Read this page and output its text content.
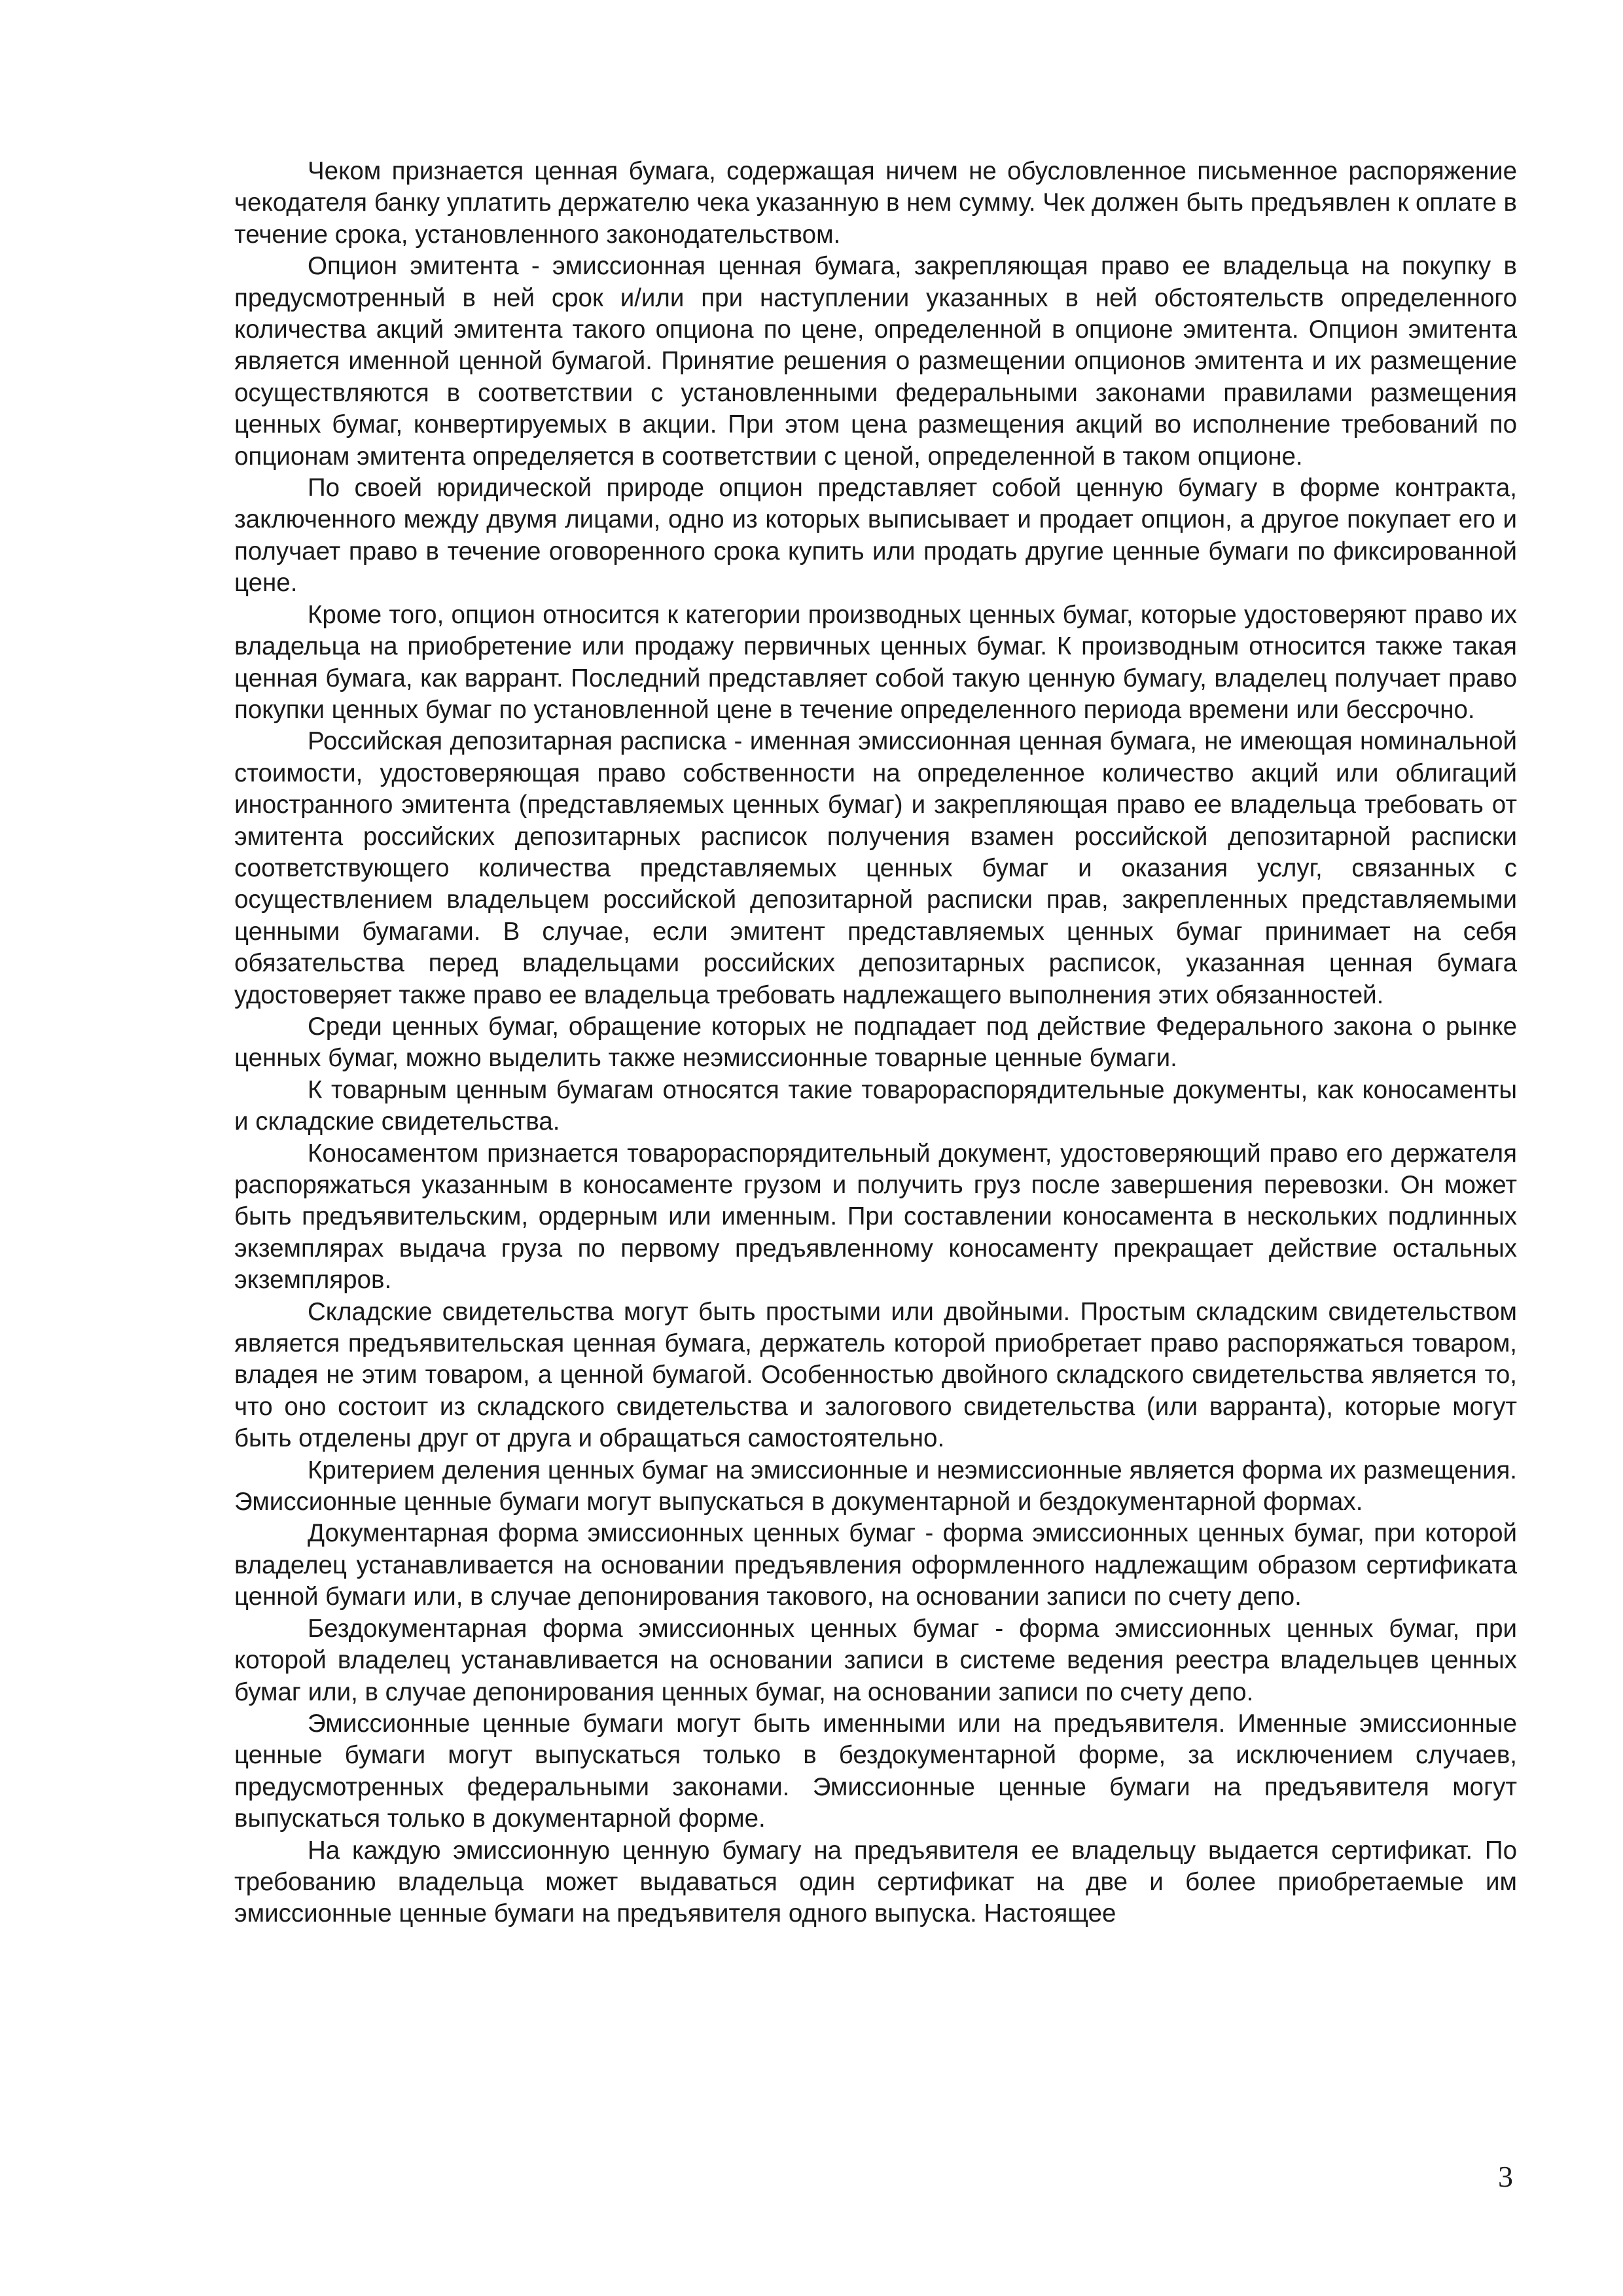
Чеком признается ценная бумага, содержащая ничем не обусловленное письменное распоряжение чекодателя банку уплатить держателю чека указанную в нем сумму. Чек должен быть предъявлен к оплате в течение срока, установленного законодательством.

Опцион эмитента - эмиссионная ценная бумага, закрепляющая право ее владельца на покупку в предусмотренный в ней срок и/или при наступлении указанных в ней обстоятельств определенного количества акций эмитента такого опциона по цене, определенной в опционе эмитента. Опцион эмитента является именной ценной бумагой. Принятие решения о размещении опционов эмитента и их размещение осуществляются в соответствии с установленными федеральными законами правилами размещения ценных бумаг, конвертируемых в акции. При этом цена размещения акций во исполнение требований по опционам эмитента определяется в соответствии с ценой, определенной в таком опционе.

По своей юридической природе опцион представляет собой ценную бумагу в форме контракта, заключенного между двумя лицами, одно из которых выписывает и продает опцион, а другое покупает его и получает право в течение оговоренного срока купить или продать другие ценные бумаги по фиксированной цене.

Кроме того, опцион относится к категории производных ценных бумаг, которые удостоверяют право их владельца на приобретение или продажу первичных ценных бумаг. К производным относится также такая ценная бумага, как варрант. Последний представляет собой такую ценную бумагу, владелец получает право покупки ценных бумаг по установленной цене в течение определенного периода времени или бессрочно.

Российская депозитарная расписка - именная эмиссионная ценная бумага, не имеющая номинальной стоимости, удостоверяющая право собственности на определенное количество акций или облигаций иностранного эмитента (представляемых ценных бумаг) и закрепляющая право ее владельца требовать от эмитента российских депозитарных расписок получения взамен российской депозитарной расписки соответствующего количества представляемых ценных бумаг и оказания услуг, связанных с осуществлением владельцем российской депозитарной расписки прав, закрепленных представляемыми ценными бумагами. В случае, если эмитент представляемых ценных бумаг принимает на себя обязательства перед владельцами российских депозитарных расписок, указанная ценная бумага удостоверяет также право ее владельца требовать надлежащего выполнения этих обязанностей.

Среди ценных бумаг, обращение которых не подпадает под действие Федерального закона о рынке ценных бумаг, можно выделить также неэмиссионные товарные ценные бумаги.

К товарным ценным бумагам относятся такие товарораспорядительные документы, как коносаменты и складские свидетельства.

Коносаментом признается товарораспорядительный документ, удостоверяющий право его держателя распоряжаться указанным в коносаменте грузом и получить груз после завершения перевозки. Он может быть предъявительским, ордерным или именным. При составлении коносамента в нескольких подлинных экземплярах выдача груза по первому предъявленному коносаменту прекращает действие остальных экземпляров.

Складские свидетельства могут быть простыми или двойными. Простым складским свидетельством является предъявительская ценная бумага, держатель которой приобретает право распоряжаться товаром, владея не этим товаром, а ценной бумагой. Особенностью двойного складского свидетельства является то, что оно состоит из складского свидетельства и залогового свидетельства (или варранта), которые могут быть отделены друг от друга и обращаться самостоятельно.

Критерием деления ценных бумаг на эмиссионные и неэмиссионные является форма их размещения. Эмиссионные ценные бумаги могут выпускаться в документарной и бездокументарной формах.

Документарная форма эмиссионных ценных бумаг - форма эмиссионных ценных бумаг, при которой владелец устанавливается на основании предъявления оформленного надлежащим образом сертификата ценной бумаги или, в случае депонирования такового, на основании записи по счету депо.

Бездокументарная форма эмиссионных ценных бумаг - форма эмиссионных ценных бумаг, при которой владелец устанавливается на основании записи в системе ведения реестра владельцев ценных бумаг или, в случае депонирования ценных бумаг, на основании записи по счету депо.

Эмиссионные ценные бумаги могут быть именными или на предъявителя. Именные эмиссионные ценные бумаги могут выпускаться только в бездокументарной форме, за исключением случаев, предусмотренных федеральными законами. Эмиссионные ценные бумаги на предъявителя могут выпускаться только в документарной форме.

На каждую эмиссионную ценную бумагу на предъявителя ее владельцу выдается сертификат. По требованию владельца может выдаваться один сертификат на две и более приобретаемые им эмиссионные ценные бумаги на предъявителя одного выпуска. Настоящее

3
